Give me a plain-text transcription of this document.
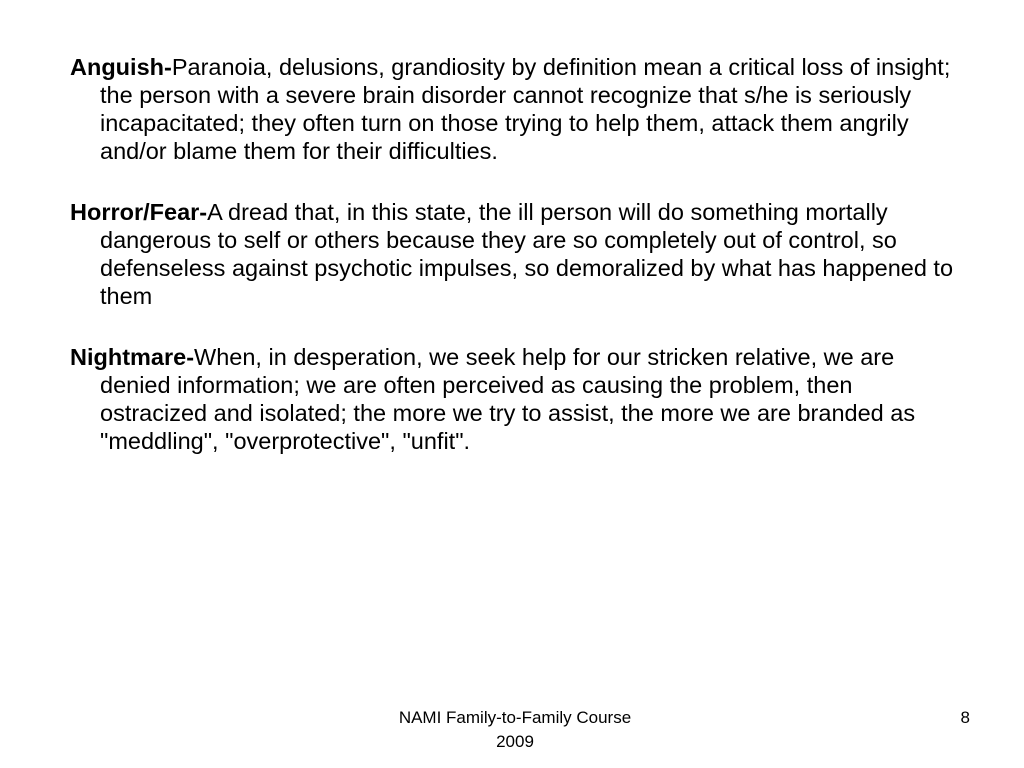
Anguish-Paranoia, delusions, grandiosity by definition mean a critical loss of insight; the person with a severe brain disorder cannot recognize that s/he is seriously incapacitated; they often turn on those trying to help them, attack them angrily and/or blame them for their difficulties.

Horror/Fear-A dread that, in this state, the ill person will do something mortally dangerous to self or others because they are so completely out of control, so defenseless against psychotic impulses, so demoralized by what has happened to them

Nightmare-When, in desperation, we seek help for our stricken relative, we are denied information; we are often perceived as causing the problem, then ostracized and isolated; the more we try to assist, the more we are branded as "meddling", "overprotective", "unfit".

NAMI Family-to-Family Course
2009
8
